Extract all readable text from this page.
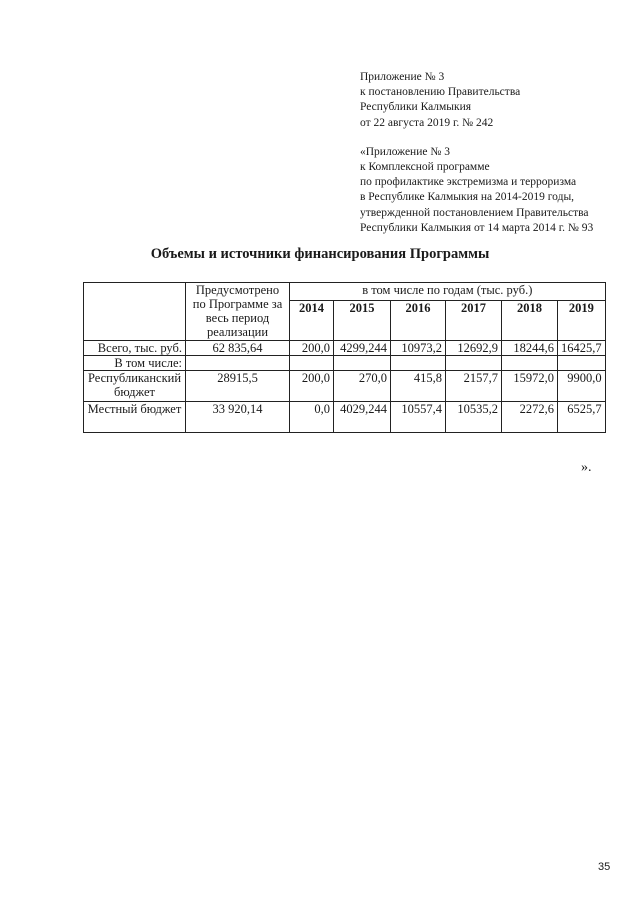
Приложение № 3
к постановлению Правительства
Республики Калмыкия
от 22 августа 2019 г. № 242
«Приложение № 3
к Комплексной программе
по профилактике экстремизма и терроризма
в Республике Калмыкия на 2014-2019 годы,
утвержденной постановлением Правительства
Республики Калмыкия от 14 марта 2014 г. № 93
Объемы и источники финансирования Программы
	Предусмотрено по Программе за весь период реализации	в том числе по годам (тыс. руб.)					
		2014	2015	2016	2017	2018	2019
Всего, тыс. руб.	62 835,64	200,0	4299,244	10973,2	12692,9	18244,6	16425,7
В том числе:							
Республиканский бюджет	28915,5	200,0	270,0	415,8	2157,7	15972,0	9900,0
Местный бюджет	33 920,14	0,0	4029,244	10557,4	10535,2	2272,6	6525,7
».
35
